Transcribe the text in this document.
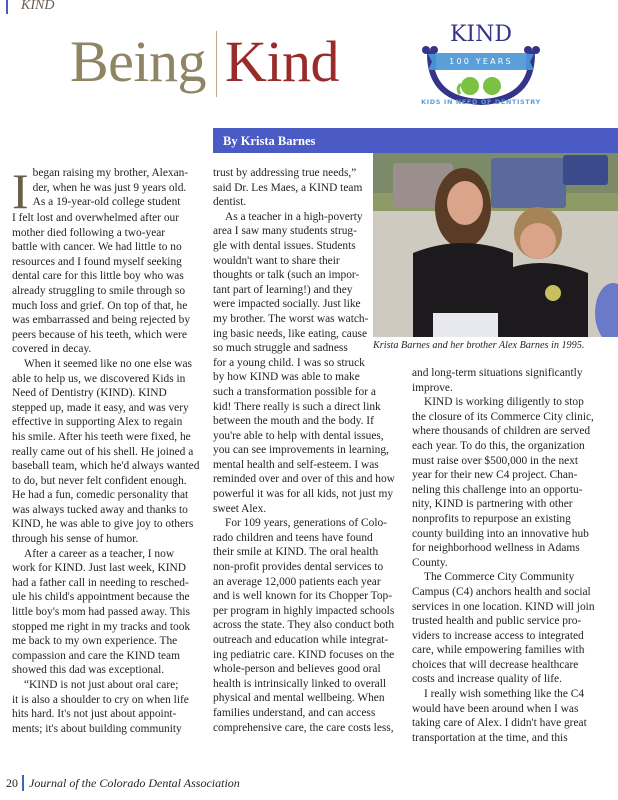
KIND
Being Kind	KIND
100 YEARS
KIDS IN NEED OF DENTISTRY
By Krista Barnes
Krista Barnes and her brother Alex Barnes in 1995.
I began raising my brother, Alexan-
der, when he was just 9 years old.
As a 19-year-old college student
I felt lost and overwhelmed after our
mother died following a two-year
battle with cancer. We had little to no
resources and I found myself seeking
dental care for this little boy who was
already struggling to smile through so
much loss and grief. On top of that, he
was embarrassed and being rejected by
peers because of his teeth, which were
covered in decay.
When it seemed like no one else was
able to help us, we discovered Kids in
Need of Dentistry (KIND). KIND
stepped up, made it easy, and was very
effective in supporting Alex to regain
his smile. After his teeth were fixed, he
really came out of his shell. He joined a
baseball team, which he'd always wanted
to do, but never felt confident enough.
He had a fun, comedic personality that
was always tucked away and thanks to
KIND, he was able to give joy to others
through his sense of humor.
After a career as a teacher, I now
work for KIND. Just last week, KIND
had a father call in needing to resched-
ule his child's appointment because the
little boy's mom had passed away. This
stopped me right in my tracks and took
me back to my own experience. The
compassion and care the KIND team
showed this dad was exceptional.
“KIND is not just about oral care;
it is also a shoulder to cry on when life
hits hard. It's not just about appoint-
ments; it's about building community
trust by addressing true needs,”
said Dr. Les Maes, a KIND team
dentist.
As a teacher in a high-poverty
area I saw many students strug-
gle with dental issues. Students
wouldn't want to share their
thoughts or talk (such an impor-
tant part of learning!) and they
were impacted socially. Just like
my brother. The worst was watch-
ing basic needs, like eating, cause
so much struggle and sadness
for a young child. I was so struck
by how KIND was able to make
such a transformation possible for a
kid! There really is such a direct link
between the mouth and the body. If
you're able to help with dental issues,
you can see improvements in learning,
mental health and self-esteem. I was
reminded over and over of this and how
powerful it was for all kids, not just my
sweet Alex.
For 109 years, generations of Colo-
rado children and teens have found
their smile at KIND. The oral health
non-profit provides dental services to
an average 12,000 patients each year
and is well known for its Chopper Top-
per program in highly impacted schools
across the state. They also conduct both
outreach and education while integrat-
ing pediatric care. KIND focuses on the
whole-person and believes good oral
health is intrinsically linked to overall
physical and mental wellbeing. When
families understand, and can access
comprehensive care, the care costs less,
and long-term situations significantly
improve.
KIND is working diligently to stop
the closure of its Commerce City clinic,
where thousands of children are served
each year. To do this, the organization
must raise over $500,000 in the next
year for their new C4 project. Chan-
neling this challenge into an opportu-
nity, KIND is partnering with other
nonprofits to repurpose an existing
county building into an innovative hub
for neighborhood wellness in Adams
County.
The Commerce City Community
Campus (C4) anchors health and social
services in one location. KIND will join
trusted health and public service pro-
viders to increase access to integrated
care, while empowering families with
choices that will decrease healthcare
costs and increase quality of life.
I really wish something like the C4
would have been around when I was
taking care of Alex. I didn't have great
transportation at the time, and this
20 Journal of the Colorado Dental Association
